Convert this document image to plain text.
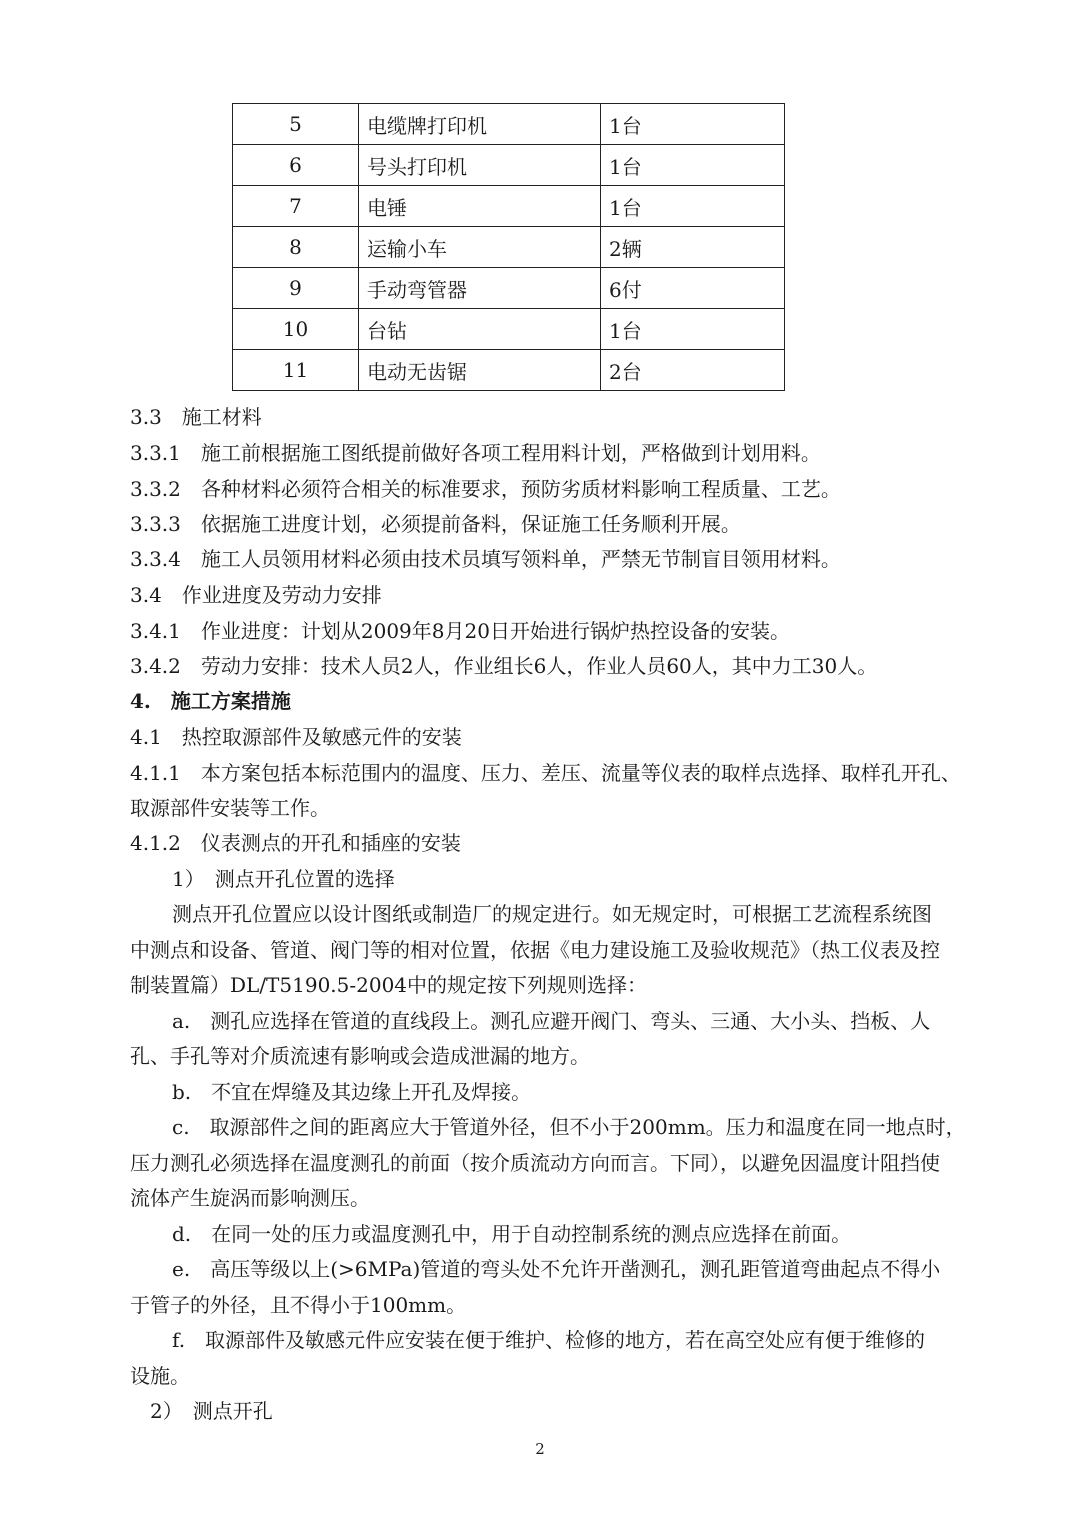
5	电缆牌打印机	1台
6	号头打印机	1台
7	电锤	1台
8	运输小车	2辆
9	手动弯管器	6付
10	台钻	1台
11	电动无齿锯	2台

3.3　施工材料

3.3.1　施工前根据施工图纸提前做好各项工程用料计划，严格做到计划用料。

3.3.2　各种材料必须符合相关的标准要求，预防劣质材料影响工程质量、工艺。

3.3.3　依据施工进度计划，必须提前备料，保证施工任务顺利开展。

3.3.4　施工人员领用材料必须由技术员填写领料单，严禁无节制盲目领用材料。

3.4　作业进度及劳动力安排

3.4.1　作业进度：计划从2009年8月20日开始进行锅炉热控设备的安装。

3.4.2　劳动力安排：技术人员2人，作业组长6人，作业人员60人，其中力工30人。

4.　施工方案措施

4.1　热控取源部件及敏感元件的安装

4.1.1　本方案包括本标范围内的温度、压力、差压、流量等仪表的取样点选择、取样孔开孔、

取源部件安装等工作。

4.1.2　仪表测点的开孔和插座的安装

1）　测点开孔位置的选择

测点开孔位置应以设计图纸或制造厂的规定进行。如无规定时，可根据工艺流程系统图

中测点和设备、管道、阀门等的相对位置，依据《电力建设施工及验收规范》（热工仪表及控

制装置篇）DL/T5190.5-2004中的规定按下列规则选择：

a.　测孔应选择在管道的直线段上。测孔应避开阀门、弯头、三通、大小头、挡板、人

孔、手孔等对介质流速有影响或会造成泄漏的地方。

b.　不宜在焊缝及其边缘上开孔及焊接。

c.　取源部件之间的距离应大于管道外径，但不小于200mm。压力和温度在同一地点时，

压力测孔必须选择在温度测孔的前面（按介质流动方向而言。下同），以避免因温度计阻挡使

流体产生旋涡而影响测压。

d.　在同一处的压力或温度测孔中，用于自动控制系统的测点应选择在前面。

e.　高压等级以上(>6MPa)管道的弯头处不允许开凿测孔，测孔距管道弯曲起点不得小

于管子的外径，且不得小于100mm。

f.　取源部件及敏感元件应安装在便于维护、检修的地方，若在高空处应有便于维修的

设施。

2）　测点开孔

2
